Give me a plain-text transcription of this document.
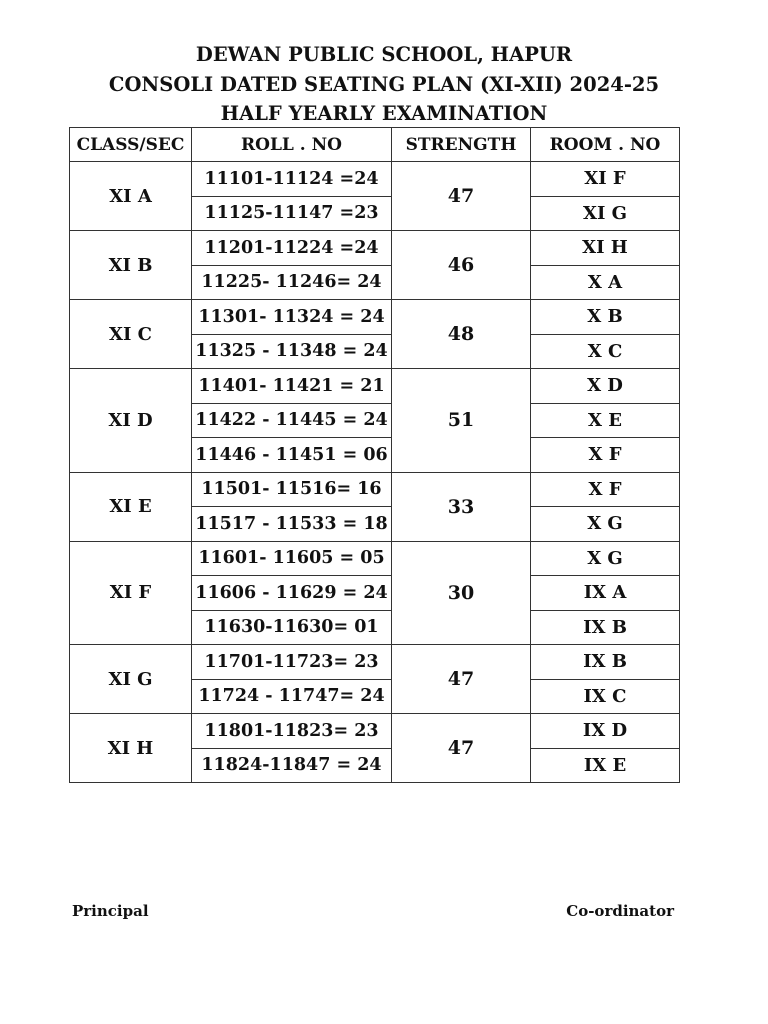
DEWAN PUBLIC SCHOOL, HAPUR
CONSOLI DATED SEATING PLAN (XI-XII) 2024-25
HALF YEARLY EXAMINATION
CLASS/SEC	ROLL . NO	STRENGTH	ROOM . NO
XI A	11101-11124 =24	47	XI F
	11125-11147 =23		XI G
XI B	11201-11224 =24	46	XI H
	11225- 11246= 24		X A
XI C	11301- 11324 = 24	48	X B
	11325 - 11348 = 24		X C
XI D	11401- 11421 = 21	51	X D
	11422 - 11445 = 24		X E
	11446 - 11451 = 06		X F
XI E	11501- 11516= 16	33	X F
	11517 - 11533 = 18		X G
XI F	11601- 11605 = 05	30	X G
	11606 - 11629 = 24		IX A
	11630-11630= 01		IX B
XI G	11701-11723= 23	47	IX B
	11724 - 11747= 24		IX C
XI H	11801-11823= 23	47	IX D
	11824-11847 = 24		IX E
Principal	Co-ordinator
